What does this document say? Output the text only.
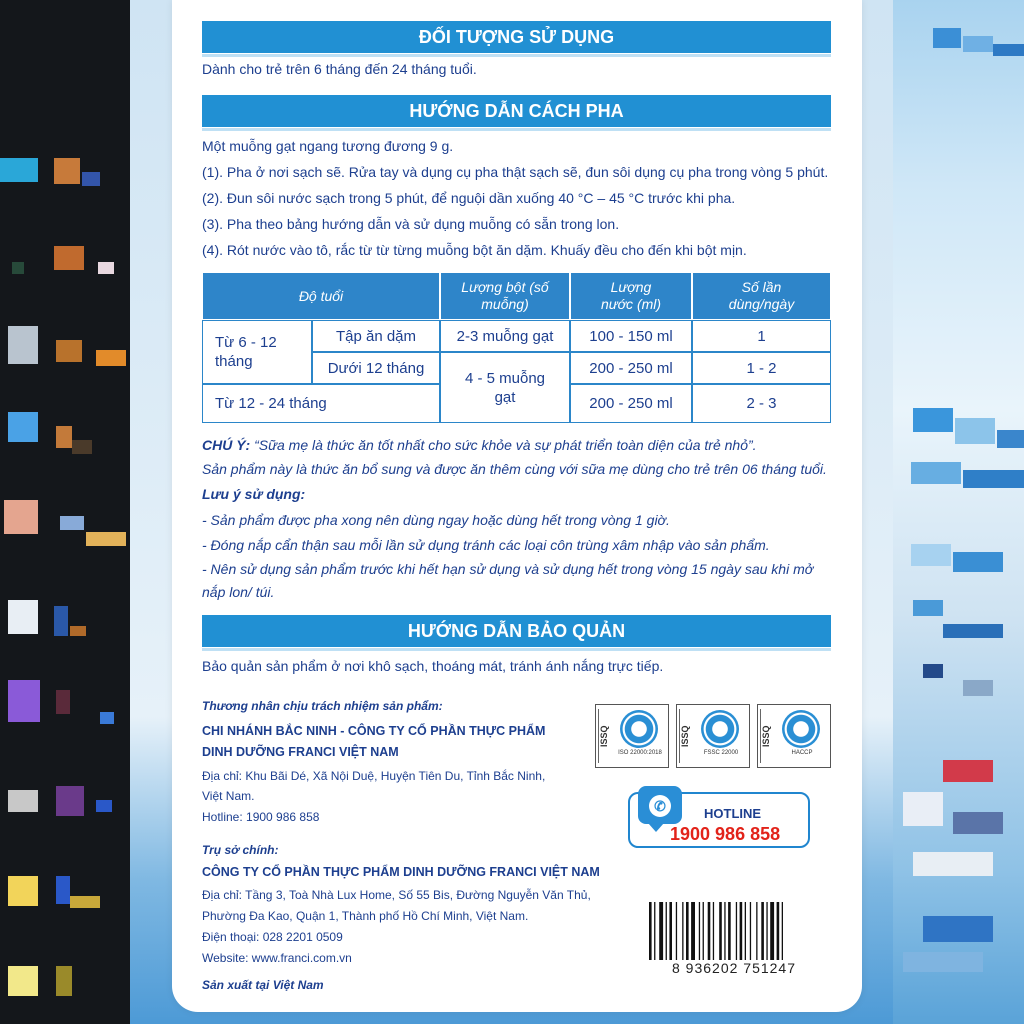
ĐỐI TƯỢNG SỬ DỤNG
Dành cho trẻ trên 6 tháng đến 24 tháng tuổi.
HƯỚNG DẪN CÁCH PHA
Một muỗng gạt ngang tương đương 9 g.
(1). Pha ở nơi sạch sẽ. Rửa tay và dụng cụ pha thật sạch sẽ, đun sôi dụng cụ pha trong vòng 5 phút.
(2). Đun sôi nước sạch trong 5 phút, để nguội dần xuống 40 °C – 45 °C trước khi pha.
(3). Pha theo bảng hướng dẫn và sử dụng muỗng có sẵn trong lon.
(4). Rót nước vào tô, rắc từ từ từng muỗng bột ăn dặm. Khuấy đều cho đến khi bột mịn.
Độ tuổi
Lượng bột (số muỗng)
Lượng nước (ml)
Số lần dùng/ngày
Từ 6 - 12 tháng
Tập ăn dặm
Dưới 12 tháng
Từ 12 - 24 tháng
2-3 muỗng gạt
4 - 5 muỗng gạt
100 - 150 ml
200 - 250 ml
200 - 250 ml
1
1 - 2
2 - 3
CHÚ Ý: “Sữa mẹ là thức ăn tốt nhất cho sức khỏe và sự phát triển toàn diện của trẻ nhỏ”.
Sản phẩm này là thức ăn bổ sung và được ăn thêm cùng với sữa mẹ dùng cho trẻ trên 06 tháng tuổi.
Lưu ý sử dụng:
- Sản phẩm được pha xong nên dùng ngay hoặc dùng hết trong vòng 1 giờ.
- Đóng nắp cẩn thận sau mỗi lần sử dụng tránh các loại côn trùng xâm nhập vào sản phẩm.
- Nên sử dụng sản phẩm trước khi hết hạn sử dụng và sử dụng hết trong vòng 15 ngày sau khi mở
nắp lon/ túi.
HƯỚNG DẪN BẢO QUẢN
Bảo quản sản phẩm ở nơi khô sạch, thoáng mát, tránh ánh nắng trực tiếp.
Thương nhân chịu trách nhiệm sản phẩm:
CHI NHÁNH BẮC NINH - CÔNG TY CỔ PHẦN THỰC PHẨM
DINH DƯỠNG FRANCI VIỆT NAM
Địa chỉ: Khu Bãi Dé, Xã Nội Duệ, Huyện Tiên Du, Tỉnh Bắc Ninh,
Việt Nam.
Hotline: 1900 986 858
Trụ sở chính:
CÔNG TY CỔ PHẦN THỰC PHẨM DINH DƯỠNG FRANCI VIỆT NAM
Địa chỉ: Tầng 3, Toà Nhà Lux Home, Số 55 Bis, Đường Nguyễn Văn Thủ,
Phường Đa Kao, Quận 1, Thành phố Hồ Chí Minh, Việt Nam.
Điện thoại: 028 2201 0509
Website: www.franci.com.vn
Sản xuất tại Việt Nam
ISSQ
ISO 22000:2018
ISSQ
FSSC 22000
ISSQ
HACCP
✆	HOTLINE
1900 986 858
8 936202 751247
